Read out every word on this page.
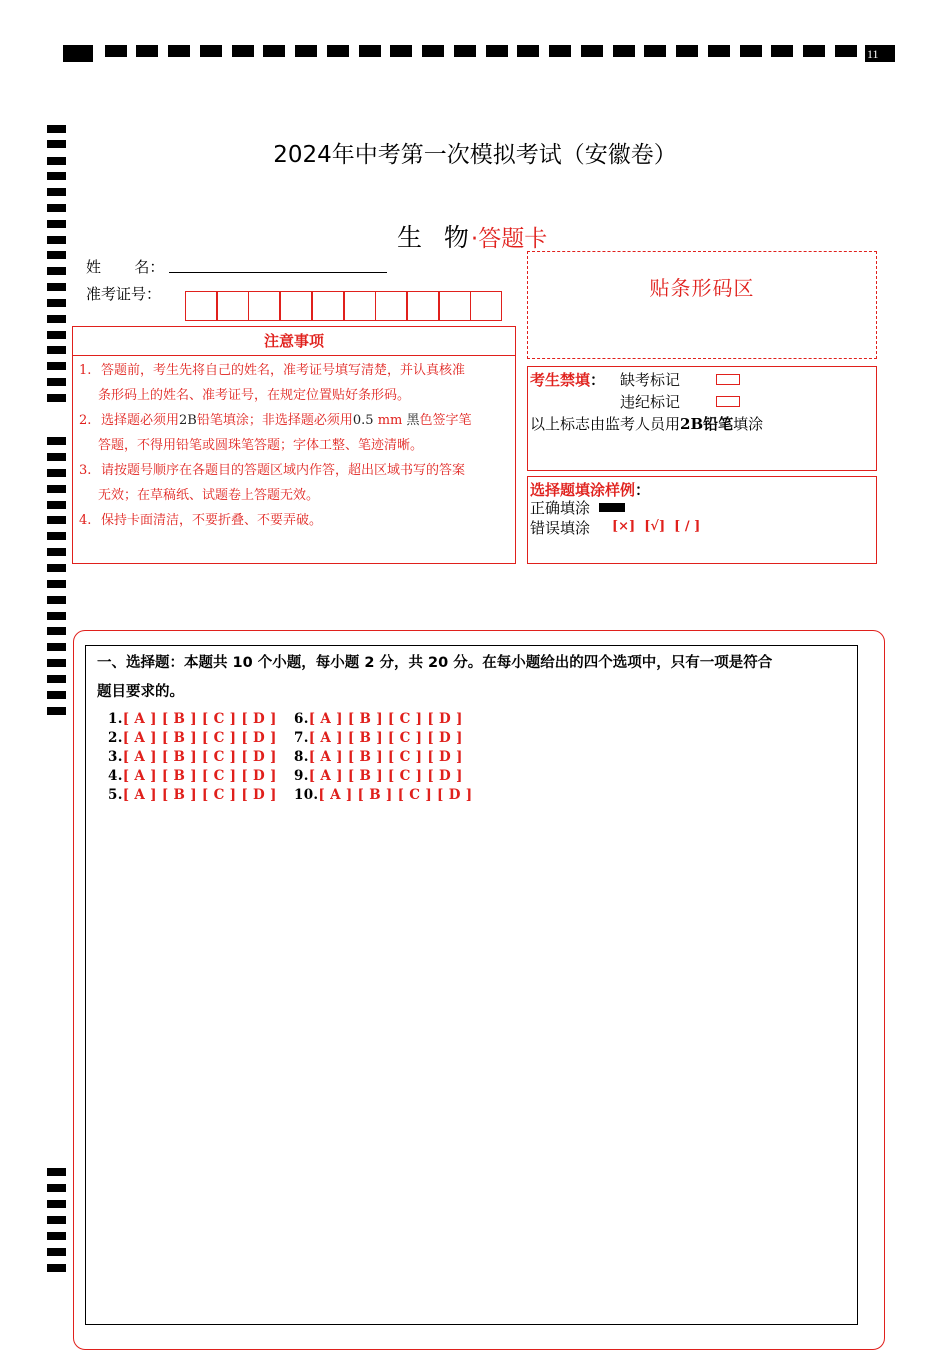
11
2024年中考第一次模拟考试（安徽卷）
生  物·答题卡
姓       名：
准考证号：	贴条形码区
注意事项
1. 答题前，考生先将自己的姓名，准考证号填写清楚，并认真核准
条形码上的姓名、准考证号，在规定位置贴好条形码。
2. 选择题必须用2B铅笔填涂；非选择题必须用0.5 mm 黑色签字笔
答题，不得用铅笔或圆珠笔答题；字体工整、笔迹清晰。
3. 请按题号顺序在各题目的答题区域内作答，超出区域书写的答案
无效；在草稿纸、试题卷上答题无效。
4. 保持卡面清洁，不要折叠、不要弄破。
考生禁填： 缺考标记
违纪标记
以上标志由监考人员用2B铅笔填涂
选择题填涂样例：
正确填涂
错误填涂 [×]  [√]  [ / ]
一、选择题：本题共 10 个小题，每小题 2 分，共 20 分。在每小题给出的四个选项中，只有一项是符合
题目要求的。
1.[ A ] [ B ] [ C ] [ D ]
2.[ A ] [ B ] [ C ] [ D ]
3.[ A ] [ B ] [ C ] [ D ]
4.[ A ] [ B ] [ C ] [ D ]
5.[ A ] [ B ] [ C ] [ D ]
6.[ A ] [ B ] [ C ] [ D ]
7.[ A ] [ B ] [ C ] [ D ]
8.[ A ] [ B ] [ C ] [ D ]
9.[ A ] [ B ] [ C ] [ D ]
10.[ A ] [ B ] [ C ] [ D ]
